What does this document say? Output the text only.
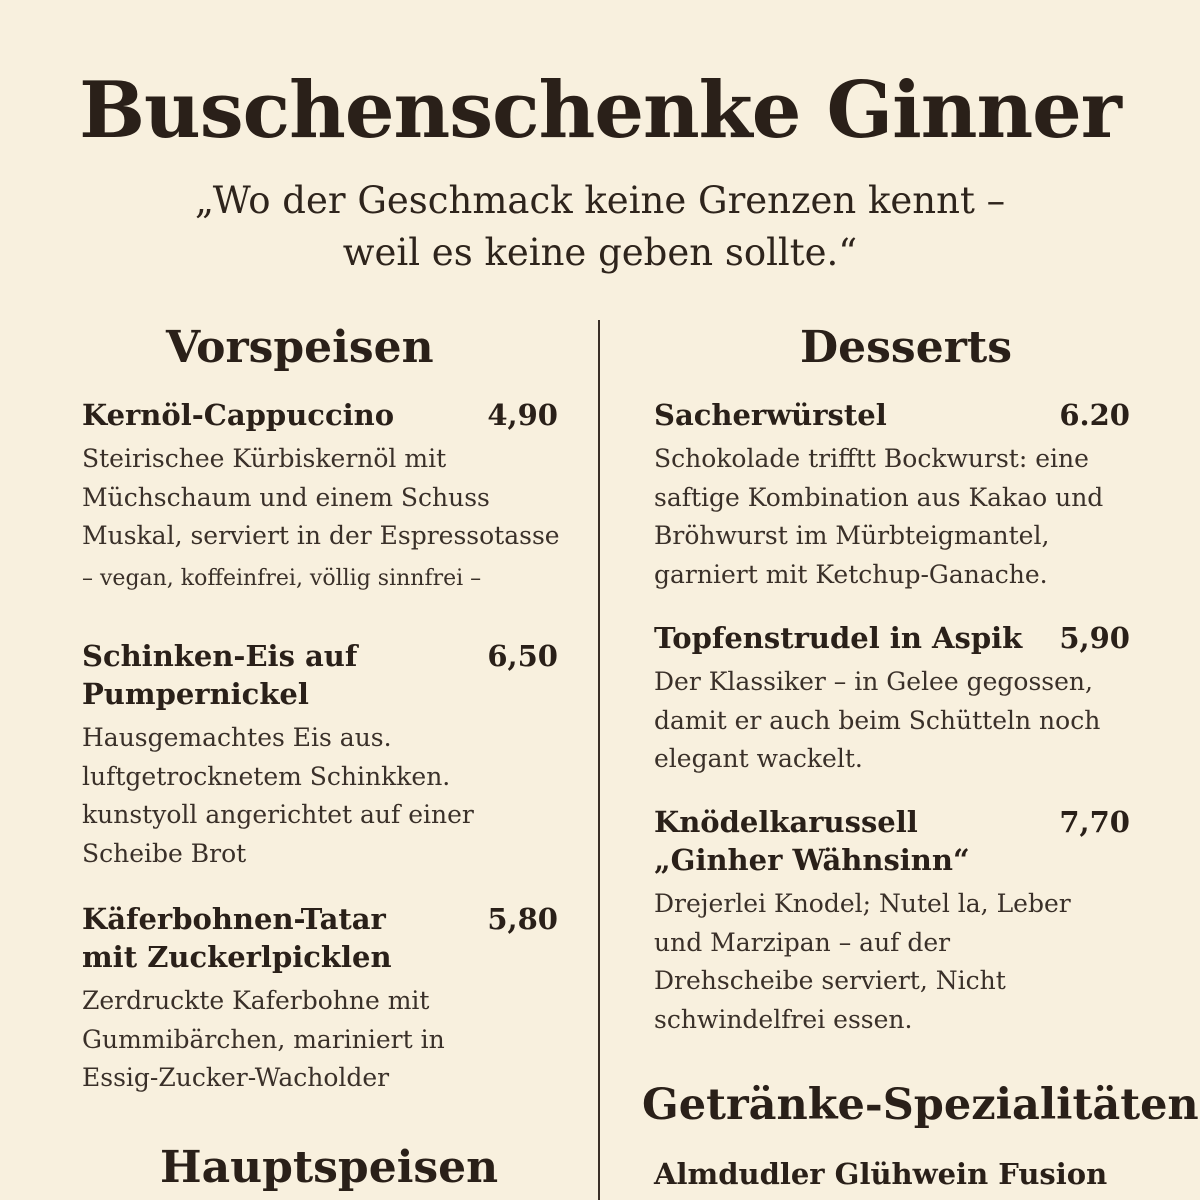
Buschenschenke Ginner

„Wo der Geschmack keine Grenzen kennt –
weil es keine geben sollte.“

Vorspeisen
Kernöl-Cappuccino	4,90
Steirischee Kürbiskernöl mit Müchschaum und einem Schuss Muskal, serviert in der Espressotasse
– vegan, koffeinfrei, völlig sinnfrei –
Schinken-Eis auf Pumpernickel
6,50
Hausgemachtes Eis aus. luftgetrocknetem Schinkken. kunstyoll angerichtet auf einer Scheibe Brot
Käferbohnen-Tatar mit Zuckerlpicklen
5,80
Zerdruckte Kaferbohne mit Gummibärchen, mariniert in Essig-Zucker-Wacholder
Hauptspeisen
Desserts
Sacherwürstel	6.20
Schokolade trifftt Bockwurst: eine saftige Kombination aus Kakao und Bröhwurst im Mürbteigmantel, garniert mit Ketchup-Ganache.
Topfenstrudel in Aspik	5,90
Der Klassiker – in Gelee gegossen, damit er auch beim Schütteln noch elegant wackelt.
Knödelkarussell
„Ginher Wähnsinn“
7,70
Drejerlei Knodel; Nutel la, Leber und Marzipan – auf der Drehscheibe serviert, Nicht schwindelfrei essen.
Getränke-Spezialitäten
Almdudler Glühwein Fusion
